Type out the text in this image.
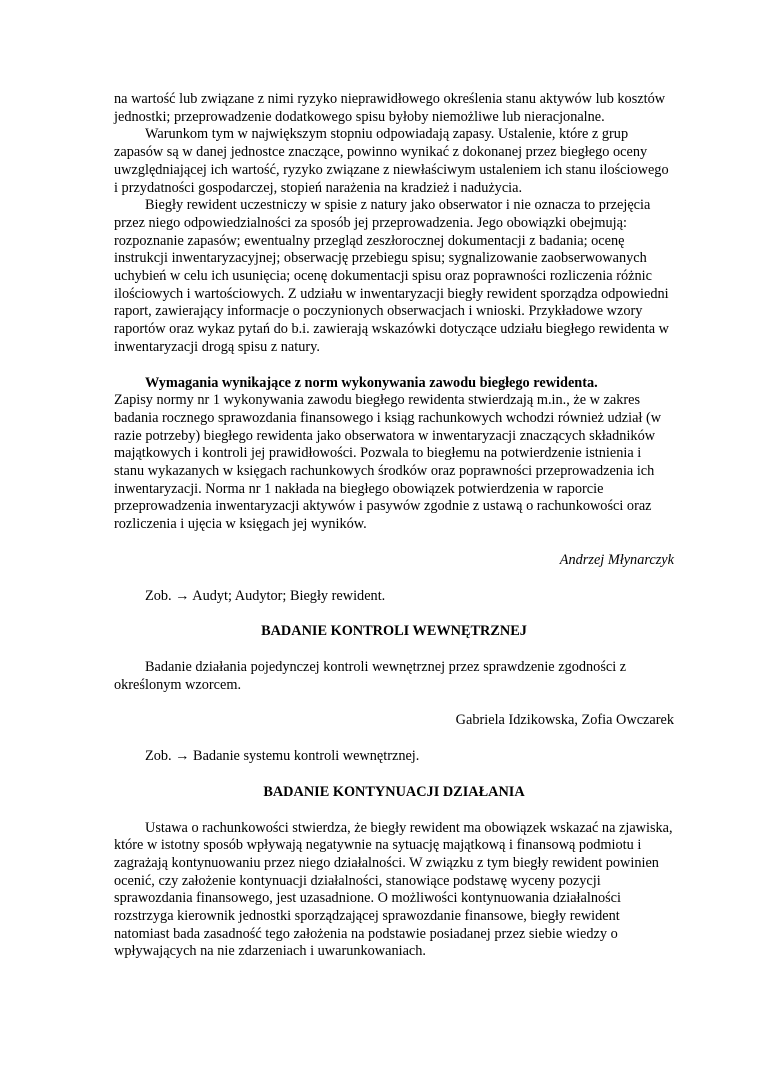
na wartość lub związane z nimi ryzyko nieprawidłowego określenia stanu aktywów lub kosztów jednostki; przeprowadzenie dodatkowego spisu byłoby niemożliwe lub nieracjonalne.

Warunkom tym w największym stopniu odpowiadają zapasy. Ustalenie, które z grup zapasów są w danej jednostce znaczące, powinno wynikać z dokonanej przez biegłego oceny uwzględniającej ich wartość, ryzyko związane z niewłaściwym ustaleniem ich stanu ilościowego i przydatności gospodarczej, stopień narażenia na kradzież i nadużycia.

Biegły rewident uczestniczy w spisie z natury jako obserwator i nie oznacza to przejęcia przez niego odpowiedzialności za sposób jej przeprowadzenia. Jego obowiązki obejmują: rozpoznanie zapasów; ewentualny przegląd zeszłorocznej dokumentacji z badania; ocenę instrukcji inwentaryzacyjnej; obserwację przebiegu spisu; sygnalizowanie zaobserwowanych uchybień w celu ich usunięcia; ocenę dokumentacji spisu oraz poprawności rozliczenia różnic ilościowych i wartościowych. Z udziału w inwentaryzacji biegły rewident sporządza odpowiedni raport, zawierający informacje o poczynionych obserwacjach i wnioski. Przykładowe wzory raportów oraz wykaz pytań do b.i. zawierają wskazówki dotyczące udziału biegłego rewidenta w inwentaryzacji drogą spisu z natury.

Wymagania wynikające z norm wykonywania zawodu biegłego rewidenta.
Zapisy normy nr 1 wykonywania zawodu biegłego rewidenta stwierdzają m.in., że w zakres badania rocznego sprawozdania finansowego i ksiąg rachunkowych wchodzi również udział (w razie potrzeby) biegłego rewidenta jako obserwatora w inwentaryzacji znaczących składników majątkowych i kontroli jej prawidłowości. Pozwala to biegłemu na potwierdzenie istnienia i stanu wykazanych w księgach rachunkowych środków oraz poprawności przeprowadzenia ich inwentaryzacji. Norma nr 1 nakłada na biegłego obowiązek potwierdzenia w raporcie przeprowadzenia inwentaryzacji aktywów i pasywów zgodnie z ustawą o rachunkowości oraz rozliczenia i ujęcia w księgach jej wyników.

Andrzej Młynarczyk

Zob. → Audyt; Audytor; Biegły rewident.

BADANIE KONTROLI WEWNĘTRZNEJ

Badanie działania pojedynczej kontroli wewnętrznej przez sprawdzenie zgodności z określonym wzorcem.

Gabriela Idzikowska, Zofia Owczarek

Zob. → Badanie systemu kontroli wewnętrznej.

BADANIE KONTYNUACJI DZIAŁANIA

Ustawa o rachunkowości stwierdza, że biegły rewident ma obowiązek wskazać na zjawiska, które w istotny sposób wpływają negatywnie na sytuację majątkową i finansową podmiotu i zagrażają kontynuowaniu przez niego działalności. W związku z tym biegły rewident powinien ocenić, czy założenie kontynuacji działalności, stanowiące podstawę wyceny pozycji sprawozdania finansowego, jest uzasadnione. O możliwości kontynuowania działalności rozstrzyga kierownik jednostki sporządzającej sprawozdanie finansowe, biegły rewident natomiast bada zasadność tego założenia na podstawie posiadanej przez siebie wiedzy o wpływających na nie zdarzeniach i uwarunkowaniach.
